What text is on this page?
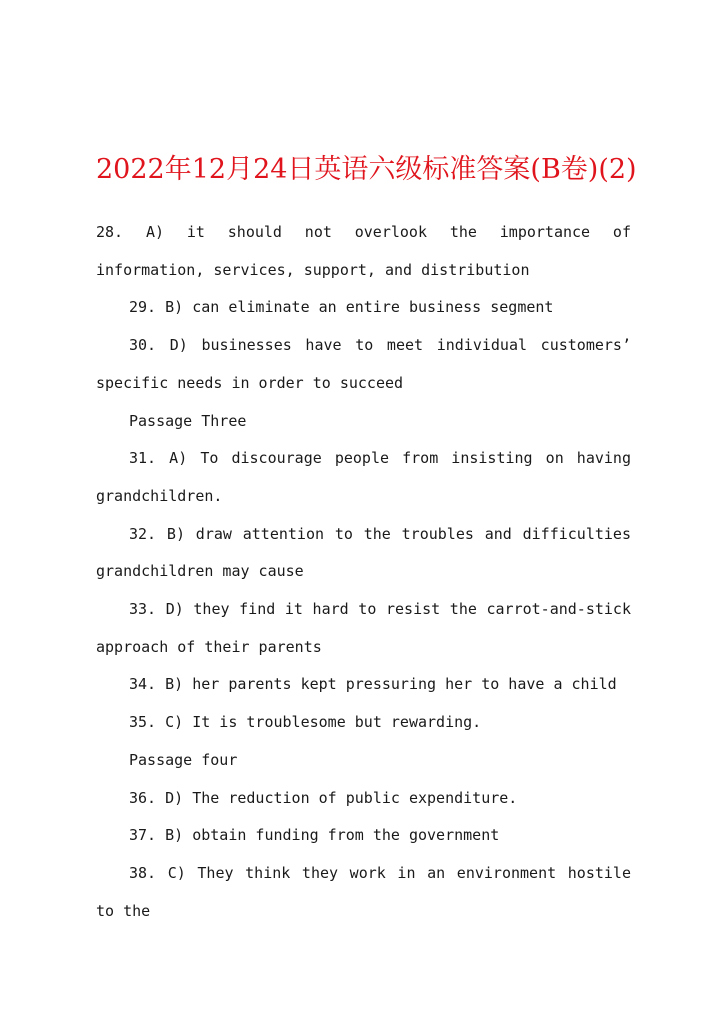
2022年12月24日英语六级标准答案(B卷)(2)

28. A) it should not overlook the importance of information, services, support, and distribution

29. B) can eliminate an entire business segment

30. D) businesses have to meet individual customers’ specific needs in order to succeed

Passage Three

31. A) To discourage people from insisting on having grandchildren.

32. B) draw attention to the troubles and difficulties grandchildren may cause

33. D) they find it hard to resist the carrot-and-stick approach of their parents

34. B) her parents kept pressuring her to have a child

35. C) It is troublesome but rewarding.

Passage four

36. D) The reduction of public expenditure.

37. B) obtain funding from the government

38. C) They think they work in an environment hostile to the
